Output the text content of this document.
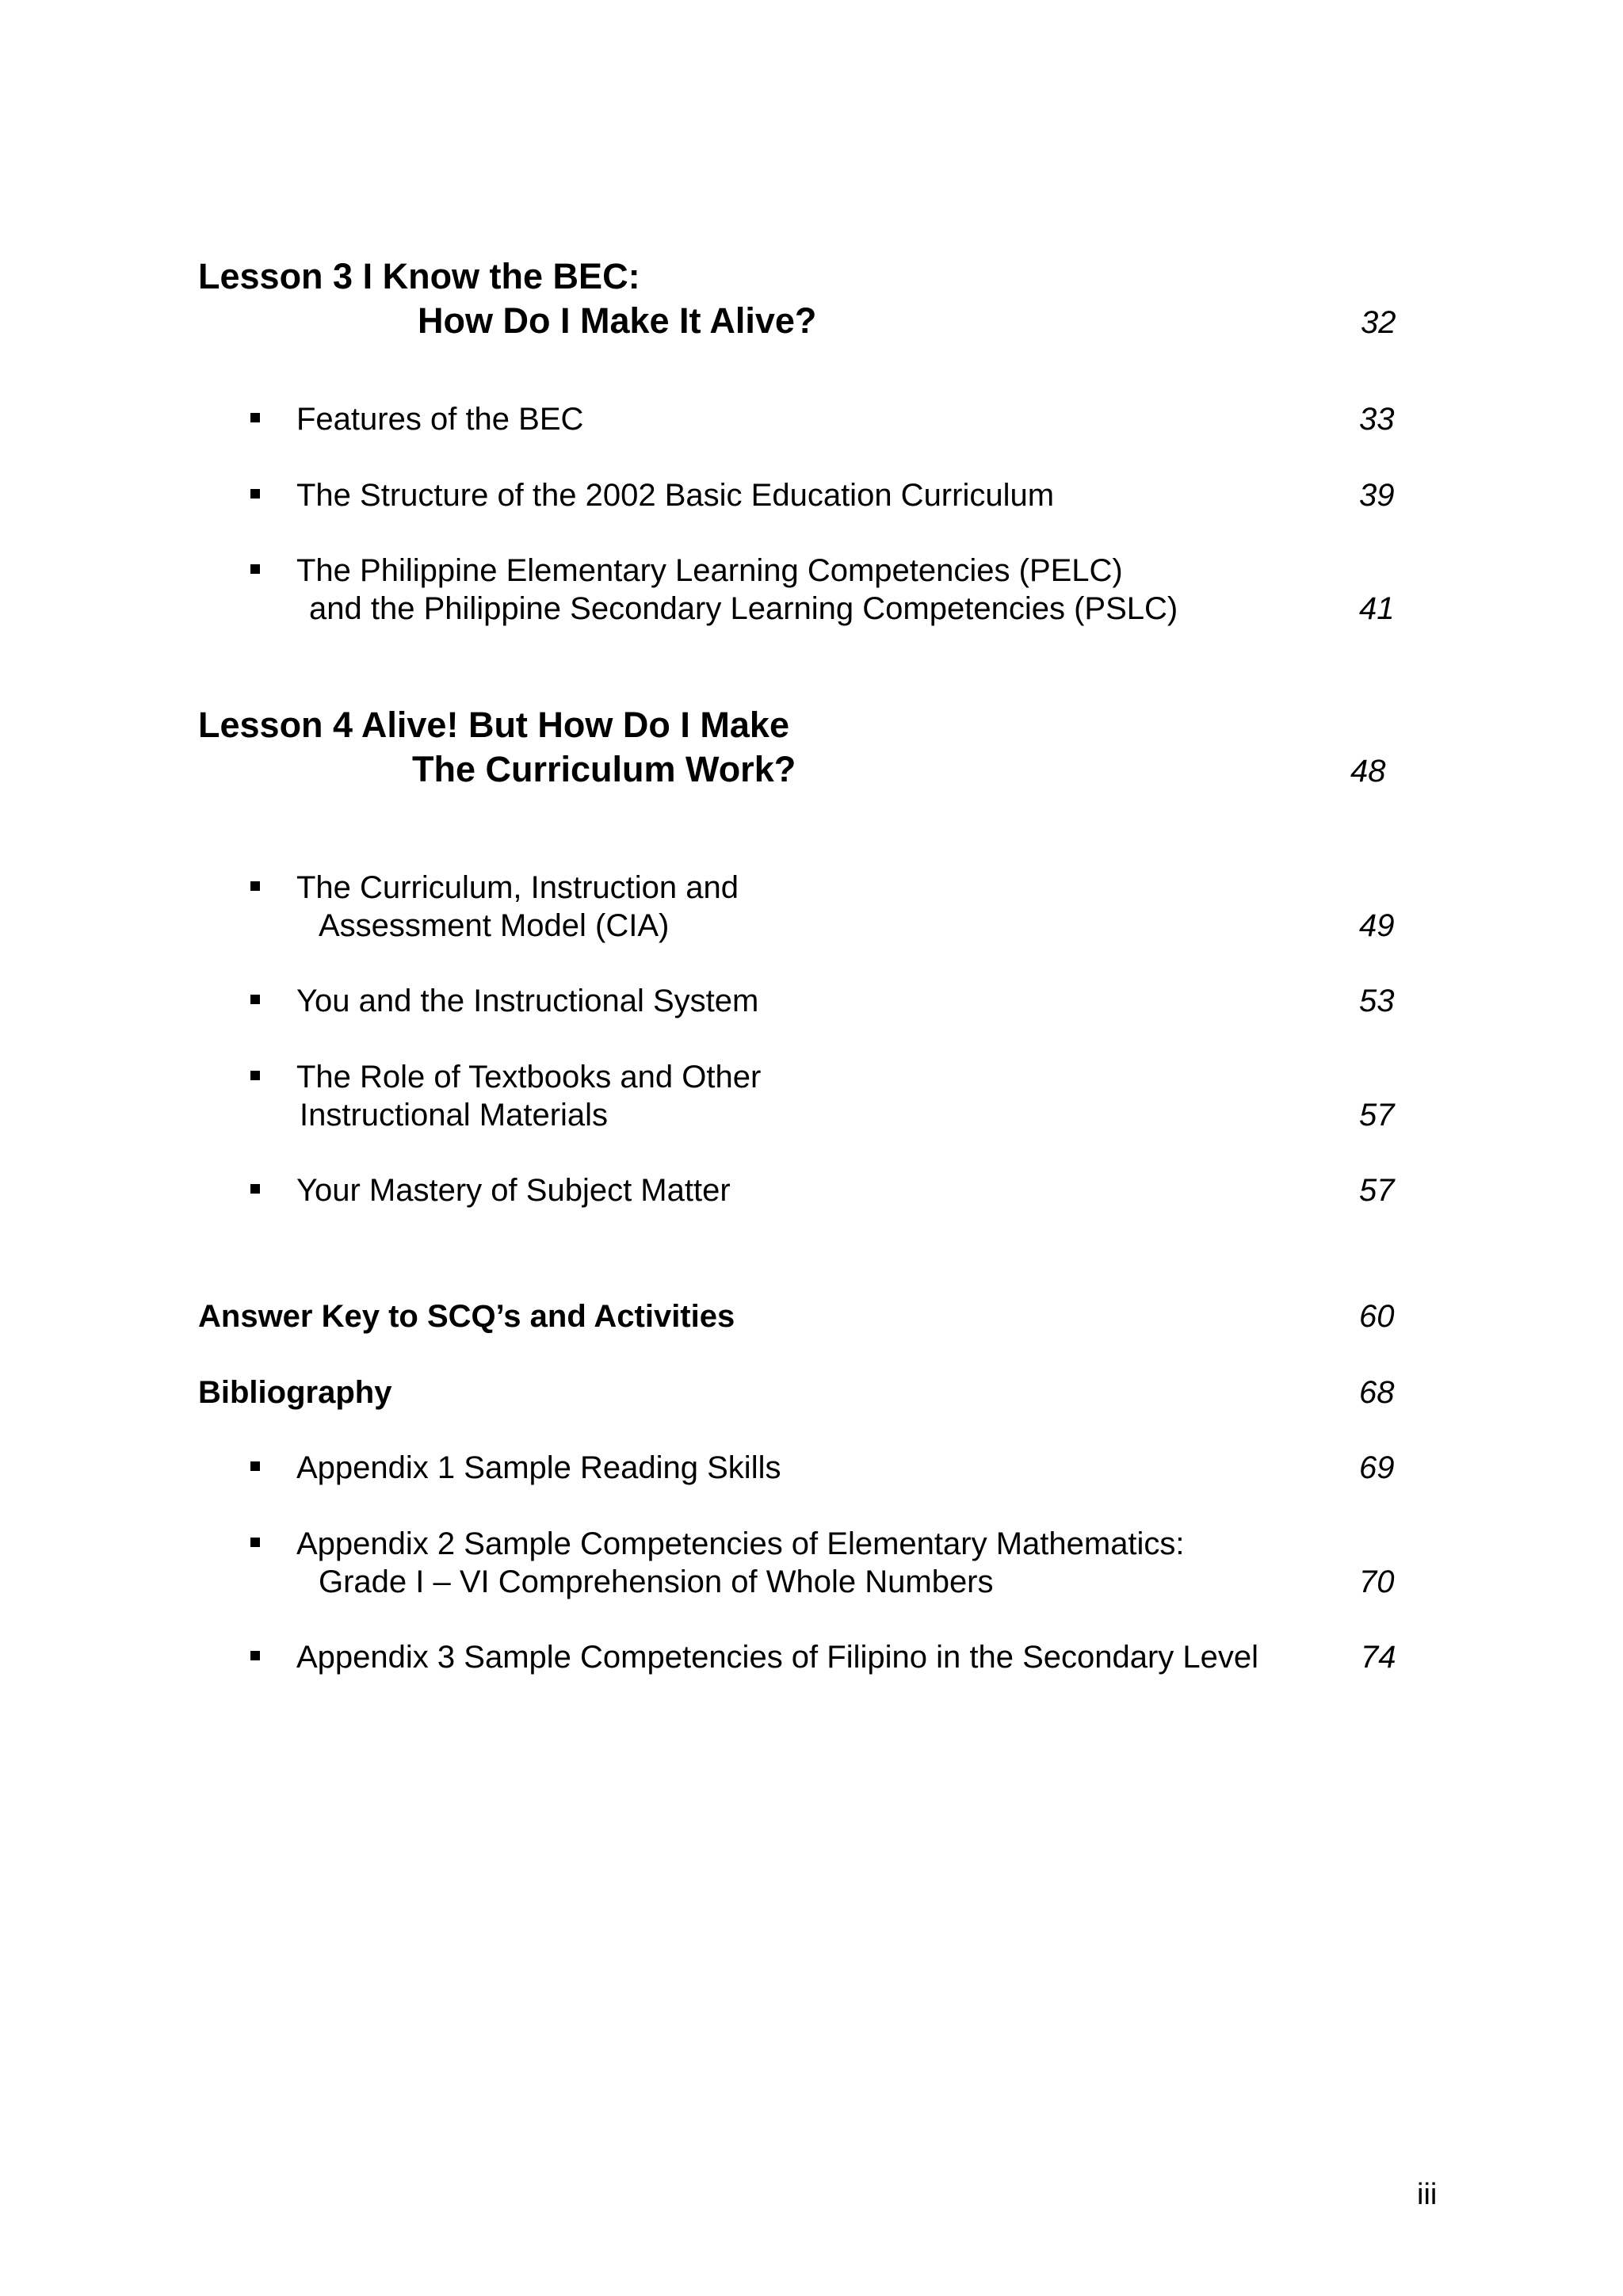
Lesson 3 I Know the BEC:
How Do I Make It Alive?	32
Features of the BEC	33
The Structure of the 2002 Basic Education Curriculum	39
The Philippine Elementary Learning Competencies (PELC)
and the Philippine Secondary Learning Competencies (PSLC)	41
Lesson 4 Alive! But How Do I Make
The Curriculum Work?	48
The Curriculum, Instruction and
Assessment Model (CIA)	49
You and the Instructional System	53
The Role of Textbooks and Other
Instructional Materials	57
Your Mastery of Subject Matter	57
Answer Key to SCQ’s and Activities	60
Bibliography	68
Appendix 1 Sample Reading Skills	69
Appendix 2 Sample Competencies of Elementary Mathematics:
Grade I – VI Comprehension of Whole Numbers	70
Appendix 3 Sample Competencies of Filipino in the Secondary Level	74
iii
